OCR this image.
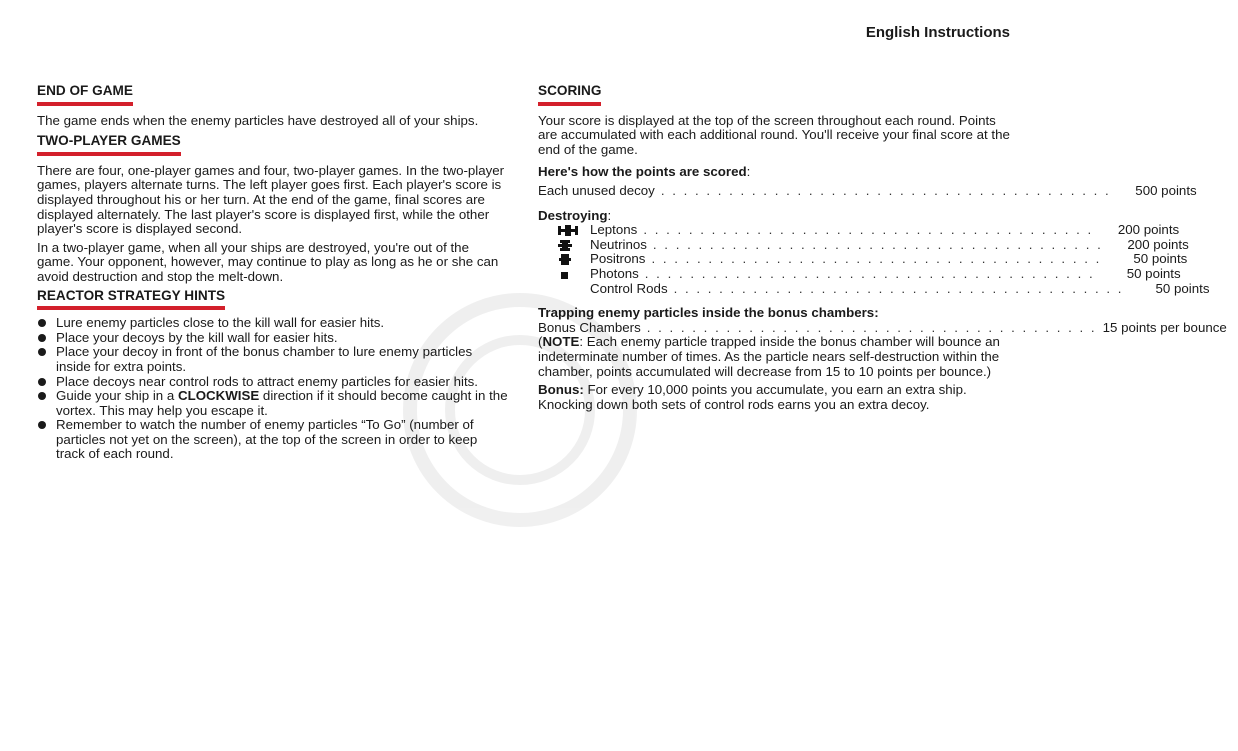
English Instructions
END OF GAME

The game ends when the enemy particles have destroyed all of your ships.

TWO-PLAYER GAMES

There are four, one-player games and four, two-player games. In the two-player games, players alternate turns. The left player goes first. Each player's score is displayed throughout his or her turn. At the end of the game, final scores are displayed alternately. The last player's score is displayed first, while the other player's score is displayed second.

In a two-player game, when all your ships are destroyed, you're out of the game. Your opponent, however, may continue to play as long as he or she can avoid destruction and stop the melt-down.

REACTOR STRATEGY HINTS
Lure enemy particles close to the kill wall for easier hits.
Place your decoys by the kill wall for easier hits.
Place your decoy in front of the bonus chamber to lure enemy particles inside for extra points.
Place decoys near control rods to attract enemy particles for easier hits.
Guide your ship in a CLOCKWISE direction if it should become caught in the vortex. This may help you escape it.
Remember to watch the number of enemy particles “To Go” (number of particles not yet on the screen), at the top of the screen in order to keep track of each round.
SCORING

Your score is displayed at the top of the screen throughout each round. Points are accumulated with each additional round. You'll receive your final score at the end of the game.

Here's how the points are scored:

Each unused decoy . . . . . . . . . . . . . . . . . . . . . . . . . . . . . . . . . . . . . . . .	500 points

Destroying:

Leptons . . . . . . . . . . . . . . . . . . . . . . . . . . . . . . . . . . . . . . . .	200 points
Neutrinos . . . . . . . . . . . . . . . . . . . . . . . . . . . . . . . . . . . . . . . .	200 points
Positrons . . . . . . . . . . . . . . . . . . . . . . . . . . . . . . . . . . . . . . . .	50 points
Photons . . . . . . . . . . . . . . . . . . . . . . . . . . . . . . . . . . . . . . . .	50 points
Control Rods . . . . . . . . . . . . . . . . . . . . . . . . . . . . . . . . . . . . . . . .	50 points

Trapping enemy particles inside the bonus chambers:

Bonus Chambers . . . . . . . . . . . . . . . . . . . . . . . . . . . . . . . . . . . . . . . . 15 points per bounce

(NOTE: Each enemy particle trapped inside the bonus chamber will bounce an indeterminate number of times. As the particle nears self-destruction within the chamber, points accumulated will decrease from 15 to 10 points per bounce.)

Bonus: For every 10,000 points you accumulate, you earn an extra ship. Knocking down both sets of control rods earns you an extra decoy.
